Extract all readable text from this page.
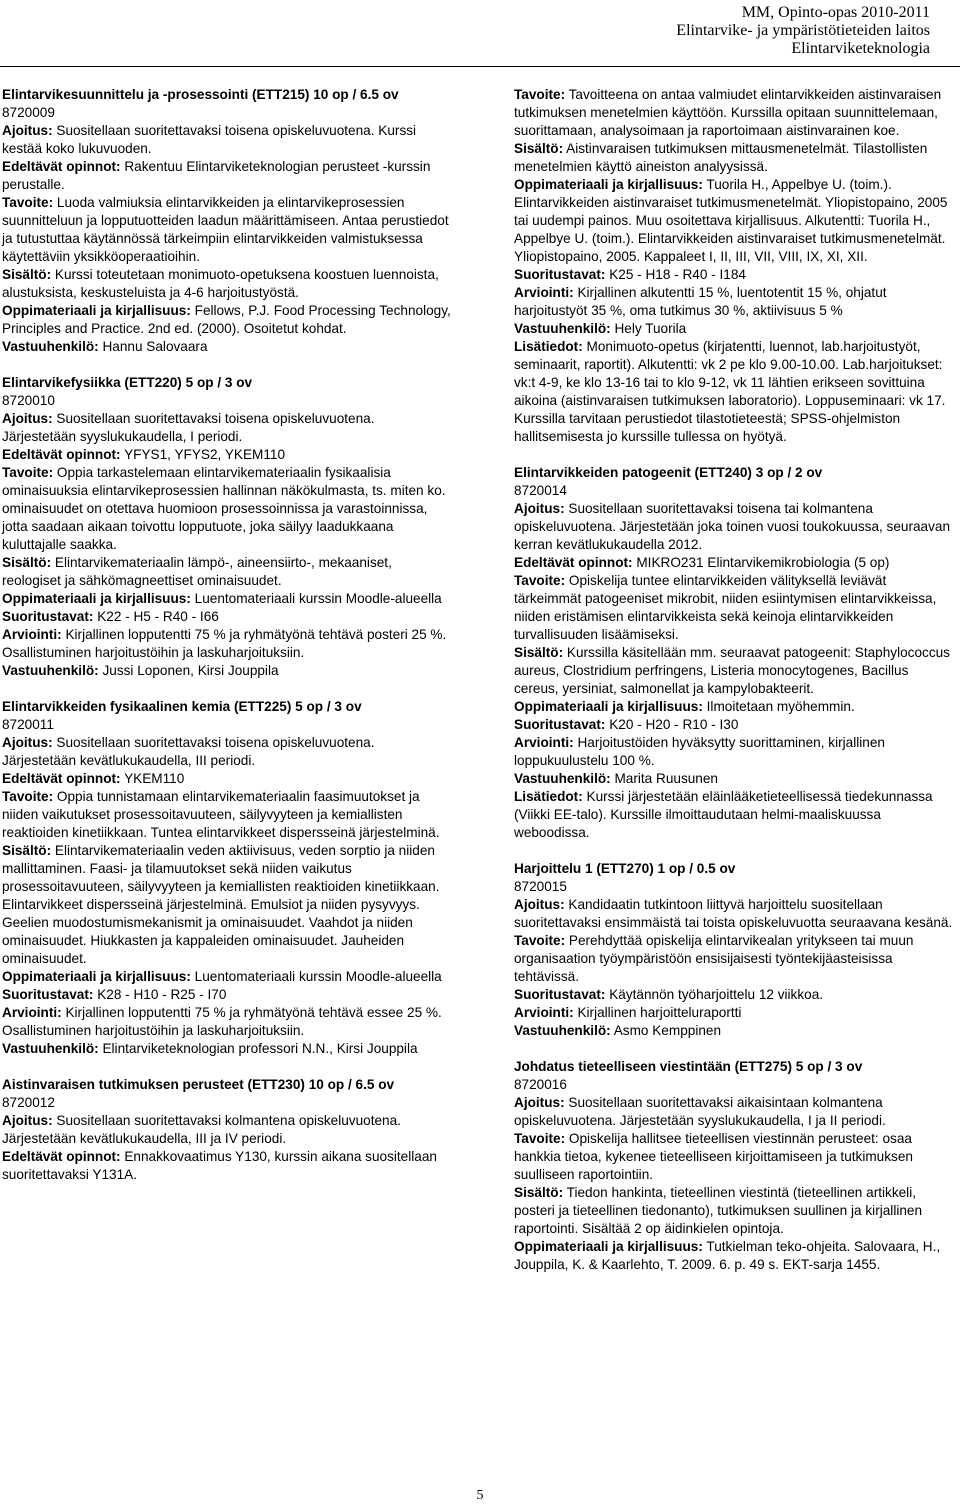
MM, Opinto-opas 2010-2011
Elintarvike- ja ympäristötieteiden laitos
Elintarviketeknologia
Elintarvikesuunnittelu ja -prosessointi (ETT215) 10 op / 6.5 ov
8720009
Ajoitus: Suositellaan suoritettavaksi toisena opiskeluvuotena. Kurssi kestää koko lukuvuoden.
Edeltävät opinnot: Rakentuu Elintarviketeknologian perusteet -kurssin perustalle.
Tavoite: Luoda valmiuksia elintarvikkeiden ja elintarvikeprosessien suunnitteluun ja lopputuotteiden laadun määrittämiseen. Antaa perustiedot ja tutustuttaa käytännössä tärkeimpiin elintarvikkeiden valmistuksessa käytettäviin yksikköoperaatioihin.
Sisältö: Kurssi toteutetaan monimuoto-opetuksena koostuen luennoista, alustuksista, keskusteluista ja 4-6 harjoitustyöstä.
Oppimateriaali ja kirjallisuus: Fellows, P.J. Food Processing Technology, Principles and Practice. 2nd ed. (2000). Osoitetut kohdat.
Vastuuhenkilö: Hannu Salovaara
Elintarvikefysiikka (ETT220) 5 op / 3 ov
8720010
Ajoitus: Suositellaan suoritettavaksi toisena opiskeluvuotena. Järjestetään syyslukukaudella, I periodi.
Edeltävät opinnot: YFYS1, YFYS2, YKEM110
Tavoite: Oppia tarkastelemaan elintarvikemateriaalin fysikaalisia ominaisuuksia elintarvikeprosessien hallinnan näkökulmasta, ts. miten ko. ominaisuudet on otettava huomioon prosessoinnissa ja varastoinnissa, jotta saadaan aikaan toivottu lopputuote, joka säilyy laadukkaana kuluttajalle saakka.
Sisältö: Elintarvikemateriaalin lämpö-, aineensiirto-, mekaaniset, reologiset ja sähkömagneettiset ominaisuudet.
Oppimateriaali ja kirjallisuus: Luentomateriaali kurssin Moodle-alueella
Suoritustavat: K22 - H5 - R40 - I66
Arviointi: Kirjallinen lopputentti 75 % ja ryhmätyönä tehtävä posteri 25 %. Osallistuminen harjoitustöihin ja laskuharjoituksiin.
Vastuuhenkilö: Jussi Loponen, Kirsi Jouppila
Elintarvikkeiden fysikaalinen kemia (ETT225) 5 op / 3 ov
8720011
Ajoitus: Suositellaan suoritettavaksi toisena opiskeluvuotena. Järjestetään kevätlukukaudella, III periodi.
Edeltävät opinnot: YKEM110
Tavoite: Oppia tunnistamaan elintarvikemateriaalin faasimuutokset ja niiden vaikutukset prosessoitavuuteen, säilyvyyteen ja kemiallisten reaktioiden kinetiikkaan. Tuntea elintarvikkeet dispersseinä järjestelminä.
Sisältö: Elintarvikemateriaalin veden aktiivisuus, veden sorptio ja niiden mallittaminen. Faasi- ja tilamuutokset sekä niiden vaikutus prosessoitavuuteen, säilyvyyteen ja kemiallisten reaktioiden kinetiikkaan. Elintarvikkeet dispersseinä järjestelminä. Emulsiot ja niiden pysyvyys. Geelien muodostumismekanismit ja ominaisuudet. Vaahdot ja niiden ominaisuudet. Hiukkasten ja kappaleiden ominaisuudet. Jauheiden ominaisuudet.
Oppimateriaali ja kirjallisuus: Luentomateriaali kurssin Moodle-alueella
Suoritustavat: K28 - H10 - R25 - I70
Arviointi: Kirjallinen lopputentti 75 % ja ryhmätyönä tehtävä essee 25 %. Osallistuminen harjoitustöihin ja laskuharjoituksiin.
Vastuuhenkilö: Elintarviketeknologian professori N.N., Kirsi Jouppila
Aistinvaraisen tutkimuksen perusteet (ETT230) 10 op / 6.5 ov
8720012
Ajoitus: Suositellaan suoritettavaksi kolmantena opiskeluvuotena. Järjestetään kevätlukukaudella, III ja IV periodi.
Edeltävät opinnot: Ennakkovaatimus Y130, kurssin aikana suositellaan suoritettavaksi Y131A.
Tavoite: Tavoitteena on antaa valmiudet elintarvikkeiden aistinvaraisen tutkimuksen menetelmien käyttöön. Kurssilla opitaan suunnittelemaan, suorittamaan, analysoimaan ja raportoimaan aistinvarainen koe.
Sisältö: Aistinvaraisen tutkimuksen mittausmenetelmät. Tilastollisten menetelmien käyttö aineiston analyysissä.
Oppimateriaali ja kirjallisuus: Tuorila H., Appelbye U. (toim.). Elintarvikkeiden aistinvaraiset tutkimusmenetelmät. Yliopistopaino, 2005 tai uudempi painos. Muu osoitettava kirjallisuus. Alkutentti: Tuorila H., Appelbye U. (toim.). Elintarvikkeiden aistinvaraiset tutkimusmenetelmät. Yliopistopaino, 2005. Kappaleet I, II, III, VII, VIII, IX, XI, XII.
Suoritustavat: K25 - H18 - R40 - I184
Arviointi: Kirjallinen alkutentti 15 %, luentotentit 15 %, ohjatut harjoitustyöt 35 %, oma tutkimus 30 %, aktiivisuus 5 %
Vastuuhenkilö: Hely Tuorila
Lisätiedot: Monimuoto-opetus (kirjatentti, luennot, lab.harjoitustyöt, seminaarit, raportit). Alkutentti: vk 2 pe klo 9.00-10.00. Lab.harjoitukset: vk:t 4-9, ke klo 13-16 tai to klo 9-12, vk 11 lähtien erikseen sovittuina aikoina (aistinvaraisen tutkimuksen laboratorio). Loppuseminaari: vk 17. Kurssilla tarvitaan perustiedot tilastotieteestä; SPSS-ohjelmiston hallitsemisesta jo kurssille tullessa on hyötyä.
Elintarvikkeiden patogeenit (ETT240) 3 op / 2 ov
8720014
Ajoitus: Suositellaan suoritettavaksi toisena tai kolmantena opiskeluvuotena. Järjestetään joka toinen vuosi toukokuussa, seuraavan kerran kevätlukukaudella 2012.
Edeltävät opinnot: MIKRO231 Elintarvikemikrobiologia (5 op)
Tavoite: Opiskelija tuntee elintarvikkeiden välityksellä leviävät tärkeimmät patogeeniset mikrobit, niiden esiintymisen elintarvikkeissa, niiden eristämisen elintarvikkeista sekä keinoja elintarvikkeiden turvallisuuden lisäämiseksi.
Sisältö: Kurssilla käsitellään mm. seuraavat patogeenit: Staphylococcus aureus, Clostridium perfringens, Listeria monocytogenes, Bacillus cereus, yersiniat, salmonellat ja kampylobakteerit.
Oppimateriaali ja kirjallisuus: Ilmoitetaan myöhemmin.
Suoritustavat: K20 - H20 - R10 - I30
Arviointi: Harjoitustöiden hyväksytty suorittaminen, kirjallinen loppukuulustelu 100 %.
Vastuuhenkilö: Marita Ruusunen
Lisätiedot: Kurssi järjestetään eläinlääketieteellisessä tiedekunnassa (Viikki EE-talo). Kurssille ilmoittaudutaan helmi-maaliskuussa weboodissa.
Harjoittelu 1 (ETT270) 1 op / 0.5 ov
8720015
Ajoitus: Kandidaatin tutkintoon liittyvä harjoittelu suositellaan suoritettavaksi ensimmäistä tai toista opiskeluvuotta seuraavana kesänä.
Tavoite: Perehdyttää opiskelija elintarvikealan yritykseen tai muun organisaation työympäristöön ensisijaisesti työntekijäasteisissa tehtävissä.
Suoritustavat: Käytännön työharjoittelu 12 viikkoa.
Arviointi: Kirjallinen harjoitteluraportti
Vastuuhenkilö: Asmo Kemppinen
Johdatus tieteelliseen viestintään (ETT275) 5 op / 3 ov
8720016
Ajoitus: Suositellaan suoritettavaksi aikaisintaan kolmantena opiskeluvuotena. Järjestetään syyslukukaudella, I ja II periodi.
Tavoite: Opiskelija hallitsee tieteellisen viestinnän perusteet: osaa hankkia tietoa, kykenee tieteelliseen kirjoittamiseen ja tutkimuksen suulliseen raportointiin.
Sisältö: Tiedon hankinta, tieteellinen viestintä (tieteellinen artikkeli, posteri ja tieteellinen tiedonanto), tutkimuksen suullinen ja kirjallinen raportointi. Sisältää 2 op äidinkielen opintoja.
Oppimateriaali ja kirjallisuus: Tutkielman teko-ohjeita. Salovaara, H., Jouppila, K. & Kaarlehto, T. 2009. 6. p. 49 s. EKT-sarja 1455.
5
